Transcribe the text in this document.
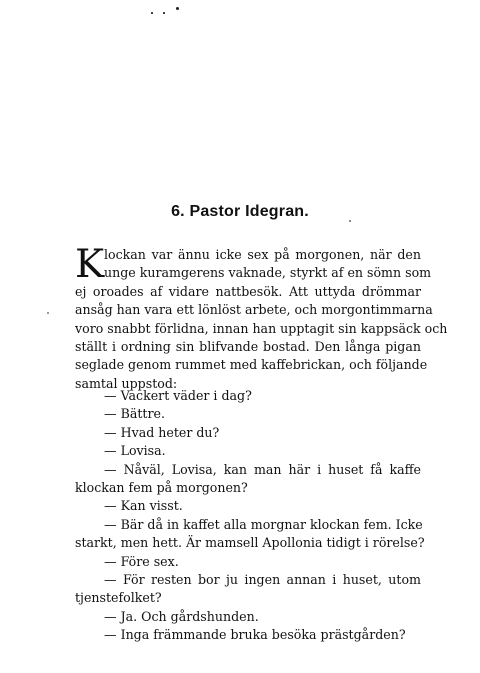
6. Pastor Idegran.
K lockan var ännu icke sex på morgonen, när den
unge kuramgerens vaknade, styrkt af en sömn som
ej oroades af vidare nattbesök. Att uttyda drömmar
ansåg han vara ett lönlöst arbete, och morgontimmarna
voro snabbt förlidna, innan han upptagit sin kappsäck och
ställt i ordning sin blifvande bostad. Den långa pigan
seglade genom rummet med kaffebrickan, och följande
samtal uppstod:
— Vackert väder i dag?
— Bättre.
— Hvad heter du?
— Lovisa.
— Nåväl, Lovisa, kan man här i huset få kaffe
klockan fem på morgonen?
— Kan visst.
— Bär då in kaffet alla morgnar klockan fem. Icke
starkt, men hett. Är mamsell Apollonia tidigt i rörelse?
— Före sex.
— För resten bor ju ingen annan i huset, utom
tjenstefolket?
— Ja. Och gårdshunden.
— Inga främmande bruka besöka prästgården?
